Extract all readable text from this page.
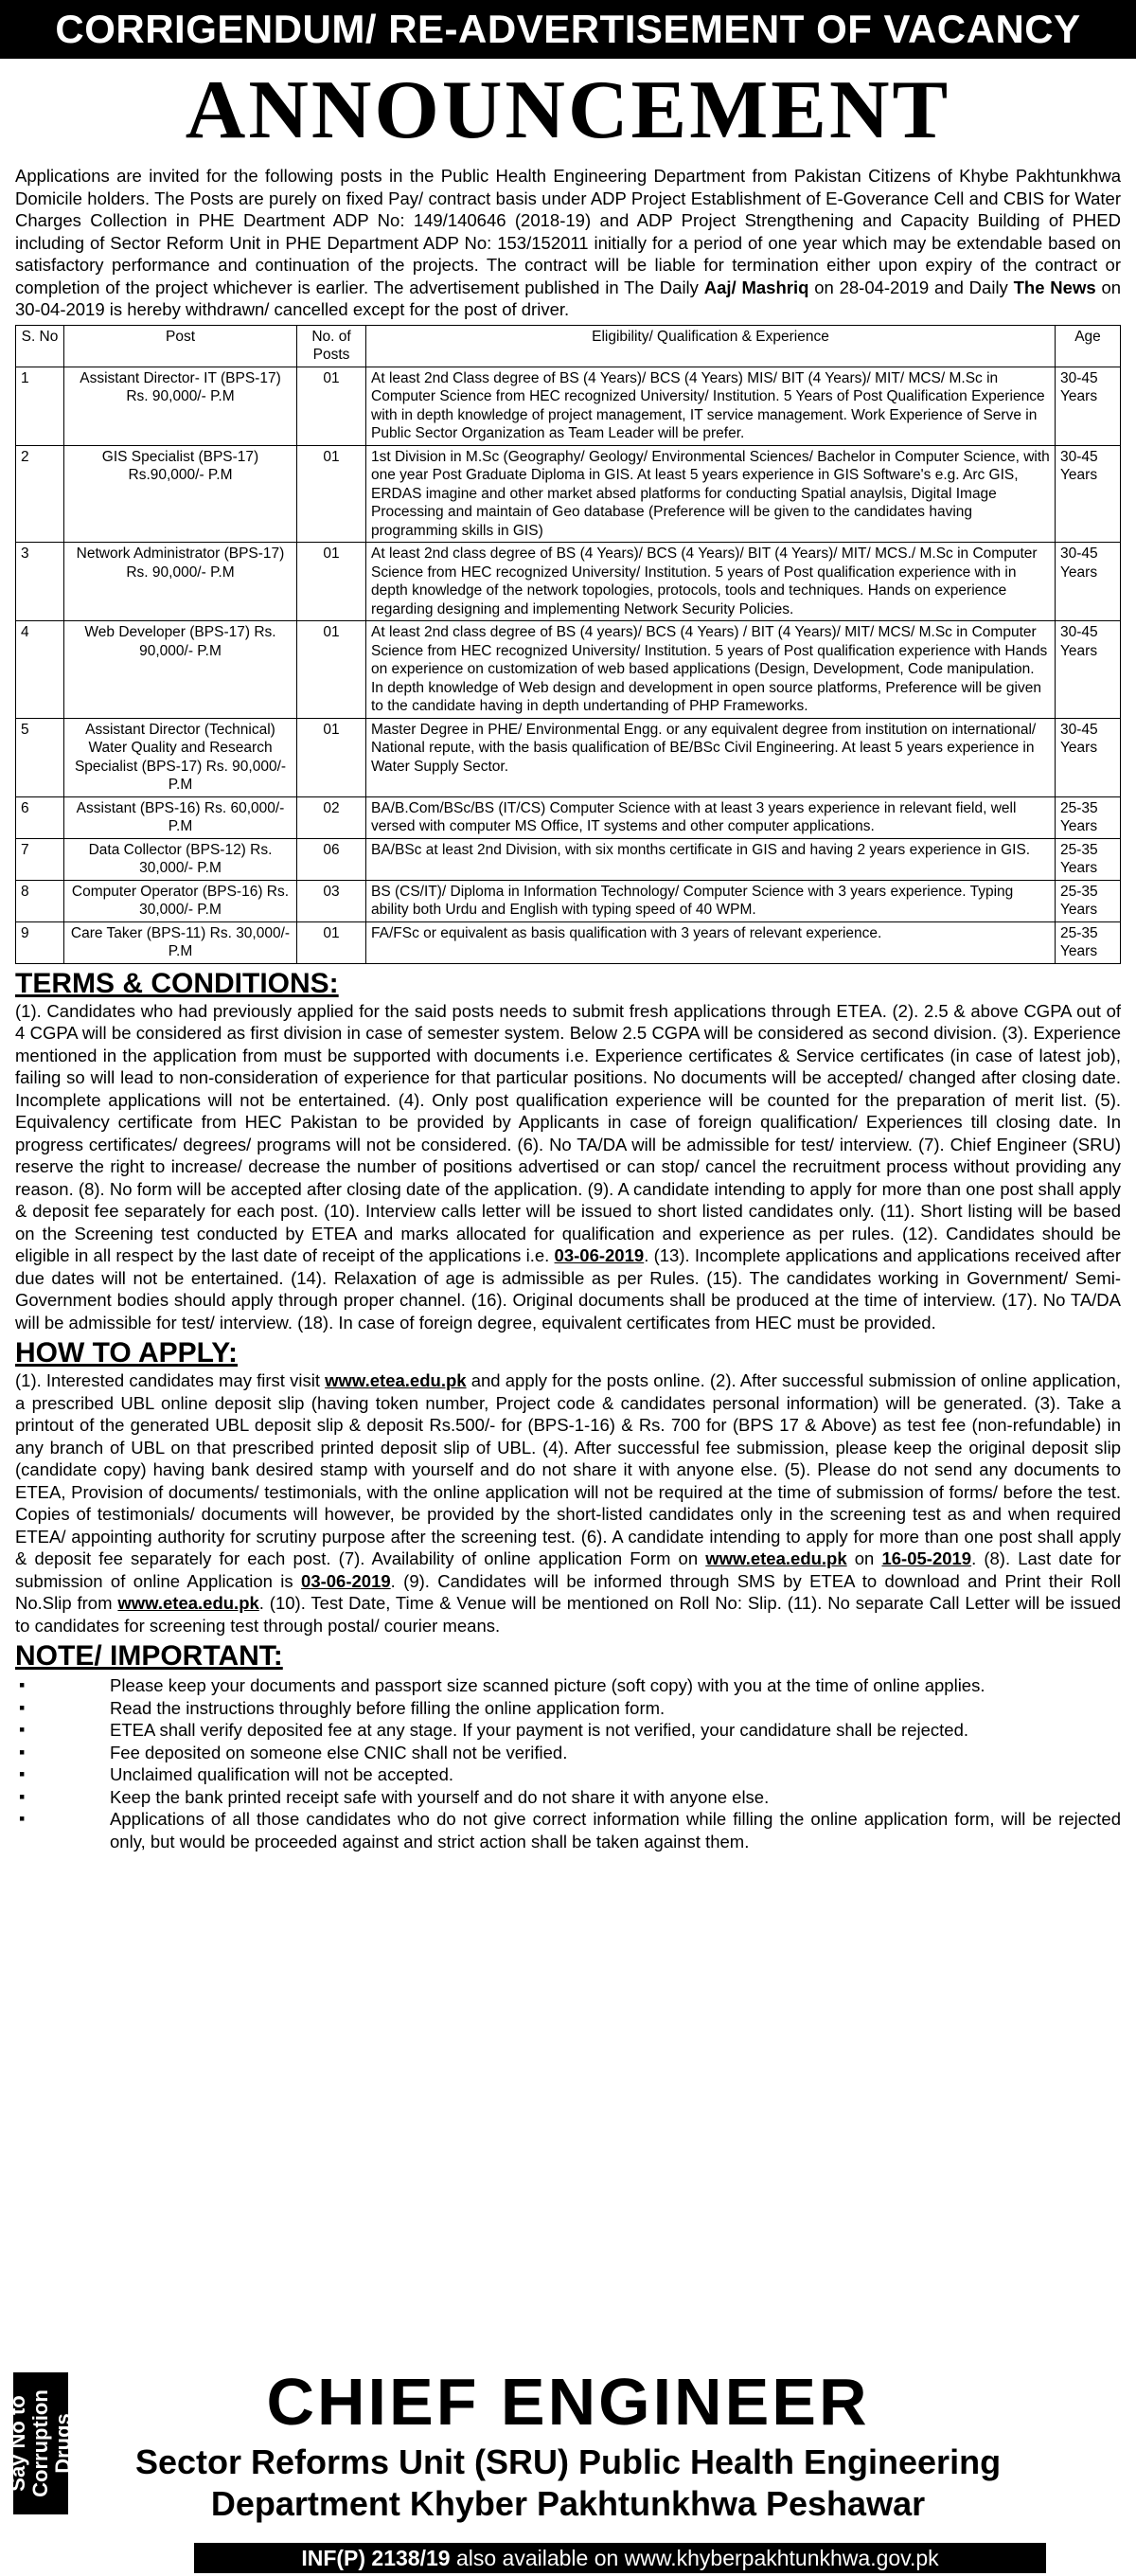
CORRIGENDUM/ RE-ADVERTISEMENT OF VACANCY
ANNOUNCEMENT
Applications are invited for the following posts in the Public Health Engineering Department from Pakistan Citizens of Khybe Pakhtunkhwa Domicile holders. The Posts are purely on fixed Pay/ contract basis under ADP Project Establishment of E-Goverance Cell and CBIS for Water Charges Collection in PHE Deartment ADP No: 149/140646 (2018-19) and ADP Project Strengthening and Capacity Building of PHED including of Sector Reform Unit in PHE Department ADP No: 153/152011 initially for a period of one year which may be extendable based on satisfactory performance and continuation of the projects. The contract will be liable for termination either upon expiry of the contract or completion of the project whichever is earlier. The advertisement published in The Daily Aaj/ Mashriq on 28-04-2019 and Daily The News on 30-04-2019 is hereby withdrawn/ cancelled except for the post of driver.
S. No	Post	No. of Posts	Eligibility/ Qualification & Experience	Age
1	Assistant Director- IT (BPS-17) Rs. 90,000/- P.M	01	At least 2nd Class degree of BS (4 Years)/ BCS (4 Years) MIS/ BIT (4 Years)/ MIT/ MCS/ M.Sc in Computer Science from HEC recognized University/ Institution. 5 Years of Post Qualification Experience with in depth knowledge of project management, IT service management. Work Experience of Serve in Public Sector Organization as Team Leader will be prefer.	30-45 Years
2	GIS Specialist (BPS-17) Rs.90,000/- P.M	01	1st Division in M.Sc (Geography/ Geology/ Environmental Sciences/ Bachelor in Computer Science, with one year Post Graduate Diploma in GIS. At least 5 years experience in GIS Software's e.g. Arc GIS, ERDAS imagine and other market absed platforms for conducting Spatial anaylsis, Digital Image Processing and maintain of Geo database (Preference will be given to the candidates having programming skills in GIS)	30-45 Years
3	Network Administrator (BPS-17) Rs. 90,000/- P.M	01	At least 2nd class degree of BS (4 Years)/ BCS (4 Years)/ BIT (4 Years)/ MIT/ MCS./ M.Sc in Computer Science from HEC recognized University/ Institution. 5 years of Post qualification experience with in depth knowledge of the network topologies, protocols, tools and techniques. Hands on experience regarding designing and implementing Network Security Policies.	30-45 Years
4	Web Developer (BPS-17) Rs. 90,000/- P.M	01	At least 2nd class degree of BS (4 years)/ BCS (4 Years) / BIT (4 Years)/ MIT/ MCS/ M.Sc in Computer Science from HEC recognized University/ Institution. 5 years of Post qualification experience with Hands on experience on customization of web based applications (Design, Development, Code manipulation. In depth knowledge of Web design and development in open source platforms, Preference will be given to the candidate having in depth undertanding of PHP Frameworks.	30-45 Years
5	Assistant Director (Technical) Water Quality and Research Specialist (BPS-17) Rs. 90,000/- P.M	01	Master Degree in PHE/ Environmental Engg. or any equivalent degree from institution on international/ National repute, with the basis qualification of BE/BSc Civil Engineering. At least 5 years experience in Water Supply Sector.	30-45 Years
6	Assistant (BPS-16) Rs. 60,000/- P.M	02	BA/B.Com/BSc/BS (IT/CS) Computer Science with at least 3 years experience in relevant field, well versed with computer MS Office, IT systems and other computer applications.	25-35 Years
7	Data Collector (BPS-12) Rs. 30,000/- P.M	06	BA/BSc at least 2nd Division, with six months certificate in GIS and having 2 years experience in GIS.	25-35 Years
8	Computer Operator (BPS-16) Rs. 30,000/- P.M	03	BS (CS/IT)/ Diploma in Information Technology/ Computer Science with 3 years experience. Typing ability both Urdu and English with typing speed of 40 WPM.	25-35 Years
9	Care Taker (BPS-11) Rs. 30,000/- P.M	01	FA/FSc or equivalent as basis qualification with 3 years of relevant experience.	25-35 Years
TERMS & CONDITIONS:
(1). Candidates who had previously applied for the said posts needs to submit fresh applications through ETEA. (2). 2.5 & above CGPA out of 4 CGPA will be considered as first division in case of semester system. Below 2.5 CGPA will be considered as second division. (3). Experience mentioned in the application from must be supported with documents i.e. Experience certificates & Service certificates (in case of latest job), failing so will lead to non-consideration of experience for that particular positions. No documents will be accepted/ changed after closing date. Incomplete applications will not be entertained. (4). Only post qualification experience will be counted for the preparation of merit list. (5). Equivalency certificate from HEC Pakistan to be provided by Applicants in case of foreign qualification/ Experiences till closing date. In progress certificates/ degrees/ programs will not be considered. (6). No TA/DA will be admissible for test/ interview. (7). Chief Engineer (SRU) reserve the right to increase/ decrease the number of positions advertised or can stop/ cancel the recruitment process without providing any reason. (8). No form will be accepted after closing date of the application. (9). A candidate intending to apply for more than one post shall apply & deposit fee separately for each post. (10). Interview calls letter will be issued to short listed candidates only. (11). Short listing will be based on the Screening test conducted by ETEA and marks allocated for qualification and experience as per rules. (12). Candidates should be eligible in all respect by the last date of receipt of the applications i.e. 03-06-2019. (13). Incomplete applications and applications received after due dates will not be entertained. (14). Relaxation of age is admissible as per Rules. (15). The candidates working in Government/ Semi-Government bodies should apply through proper channel. (16). Original documents shall be produced at the time of interview. (17). No TA/DA will be admissible for test/ interview. (18). In case of foreign degree, equivalent certificates from HEC must be provided.
HOW TO APPLY:
(1). Interested candidates may first visit www.etea.edu.pk and apply for the posts online. (2). After successful submission of online application, a prescribed UBL online deposit slip (having token number, Project code & candidates personal information) will be generated. (3). Take a printout of the generated UBL deposit slip & deposit Rs.500/- for (BPS-1-16) & Rs. 700 for (BPS 17 & Above) as test fee (non-refundable) in any branch of UBL on that prescribed printed deposit slip of UBL. (4). After successful fee submission, please keep the original deposit slip (candidate copy) having bank desired stamp with yourself and do not share it with anyone else. (5). Please do not send any documents to ETEA, Provision of documents/ testimonials, with the online application will not be required at the time of submission of forms/ before the test. Copies of testimonials/ documents will however, be provided by the short-listed candidates only in the screening test as and when required ETEA/ appointing authority for scrutiny purpose after the screening test. (6). A candidate intending to apply for more than one post shall apply & deposit fee separately for each post. (7). Availability of online application Form on www.etea.edu.pk on 16-05-2019. (8). Last date for submission of online Application is 03-06-2019. (9). Candidates will be informed through SMS by ETEA to download and Print their Roll No.Slip from www.etea.edu.pk. (10). Test Date, Time & Venue will be mentioned on Roll No: Slip. (11). No separate Call Letter will be issued to candidates for screening test through postal/ courier means.
NOTE/ IMPORTANT:
▪ Please keep your documents and passport size scanned picture (soft copy) with you at the time of online applies.
▪ Read the instructions throughly before filling the online application form.
▪ ETEA shall verify deposited fee at any stage. If your payment is not verified, your candidature shall be rejected.
▪ Fee deposited on someone else CNIC shall not be verified.
▪ Unclaimed qualification will not be accepted.
▪ Keep the bank printed receipt safe with yourself and do not share it with anyone else.
▪ Applications of all those candidates who do not give correct information while filling the online application form, will be rejected only, but would be proceeded against and strict action shall be taken against them.
Say No to Corruption Drugs
CHIEF ENGINEER
Sector Reforms Unit (SRU) Public Health Engineering
Department Khyber Pakhtunkhwa Peshawar
INF(P) 2138/19 also available on www.khyberpakhtunkhwa.gov.pk
